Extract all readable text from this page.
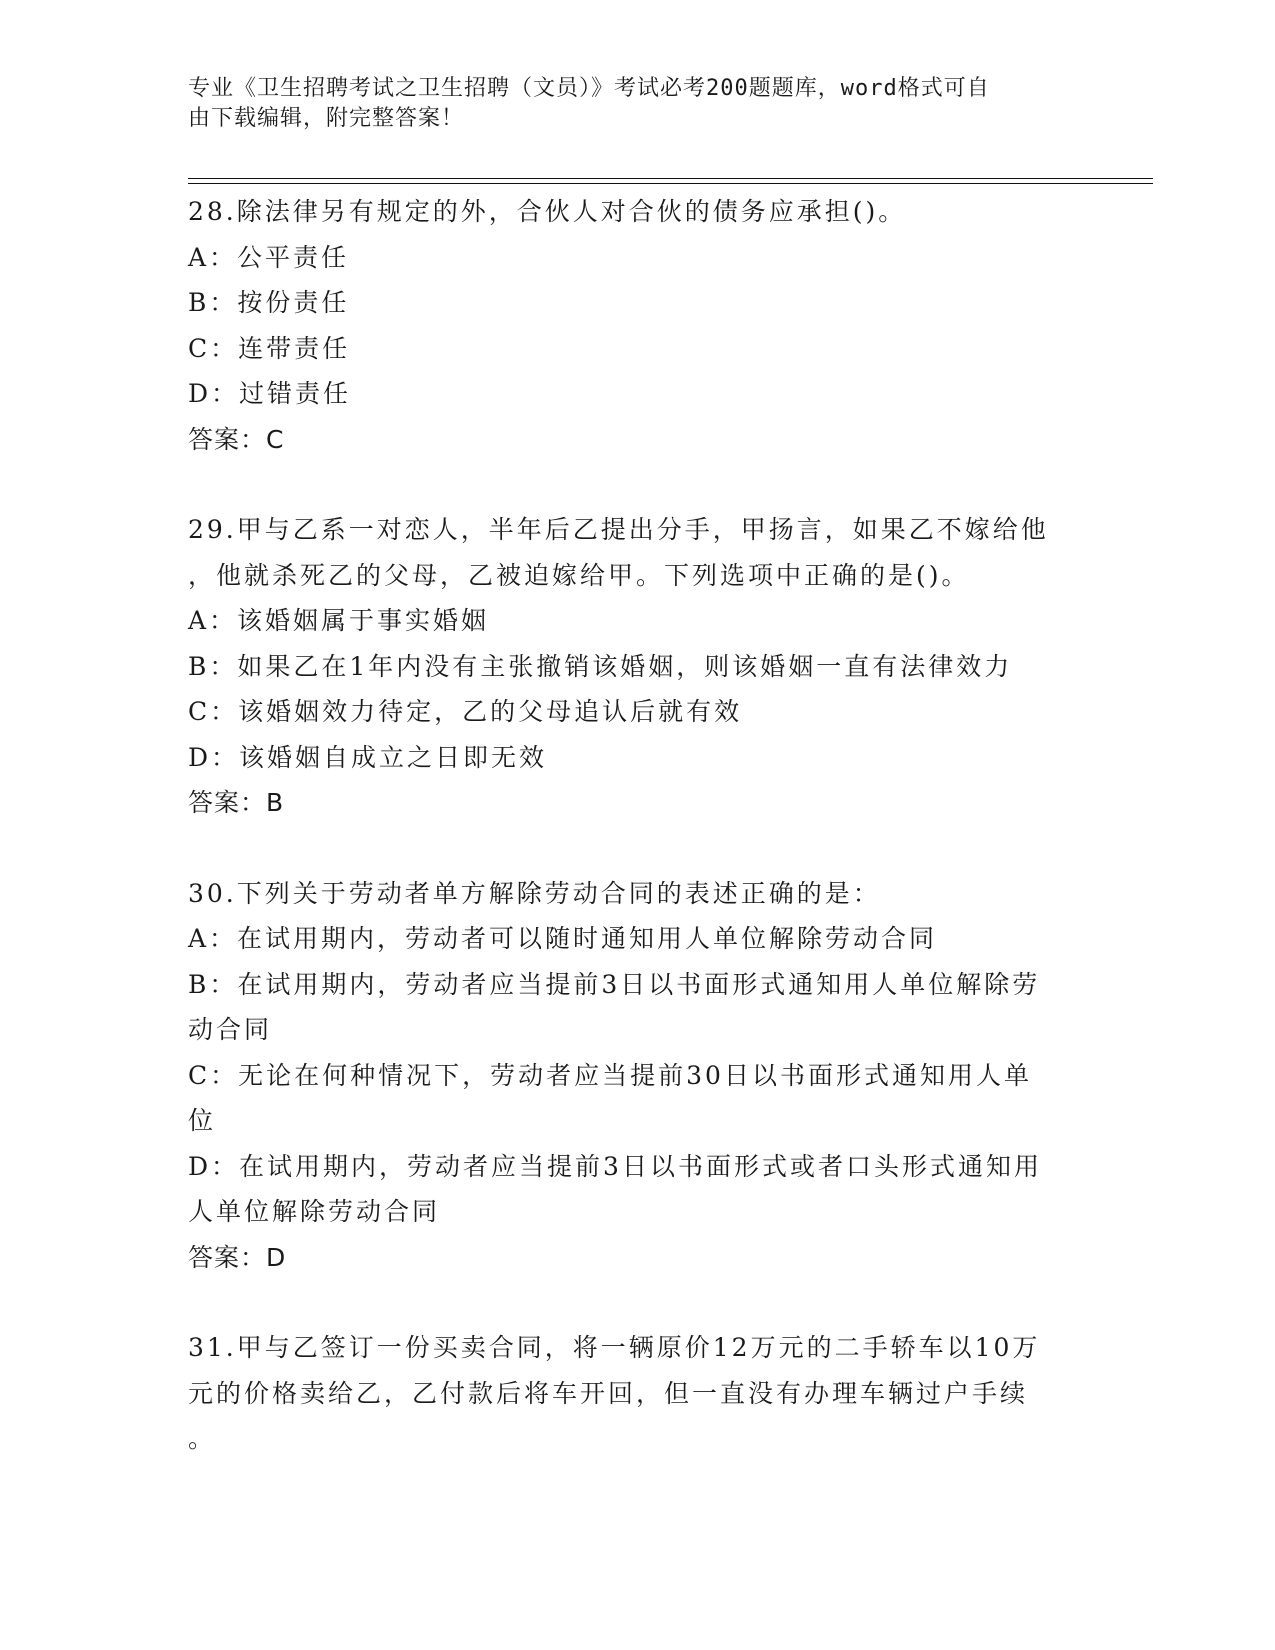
专业《卫生招聘考试之卫生招聘（文员）》考试必考200题题库，word格式可自
由下载编辑，附完整答案！

28.除法律另有规定的外，合伙人对合伙的债务应承担()。

A：公平责任

B：按份责任

C：连带责任

D：过错责任

答案：C

29.甲与乙系一对恋人，半年后乙提出分手，甲扬言，如果乙不嫁给他

，他就杀死乙的父母，乙被迫嫁给甲。下列选项中正确的是()。

A：该婚姻属于事实婚姻

B：如果乙在1年内没有主张撤销该婚姻，则该婚姻一直有法律效力

C：该婚姻效力待定，乙的父母追认后就有效

D：该婚姻自成立之日即无效

答案：B

30.下列关于劳动者单方解除劳动合同的表述正确的是：

A：在试用期内，劳动者可以随时通知用人单位解除劳动合同

B：在试用期内，劳动者应当提前3日以书面形式通知用人单位解除劳

动合同

C：无论在何种情况下，劳动者应当提前30日以书面形式通知用人单

位

D：在试用期内，劳动者应当提前3日以书面形式或者口头形式通知用

人单位解除劳动合同

答案：D

31.甲与乙签订一份买卖合同，将一辆原价12万元的二手轿车以10万

元的价格卖给乙，乙付款后将车开回，但一直没有办理车辆过户手续

。
